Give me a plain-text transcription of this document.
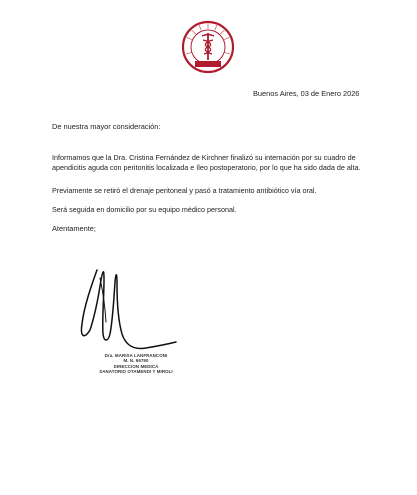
Buenos Aires, 03 de Enero 2026
De nuestra mayor consideración:

Informamos que la Dra. Cristina Fernández de Kirchner finalizó su internación por su cuadro de apendicitis aguda con peritonitis localizada e íleo postoperatorio, por lo que ha sido dada de alta.

Previamente se retiró el drenaje peritoneal y pasó a tratamiento antibiótico vía oral.

Será seguida en domicilio por su equipo médico personal.

Atentamente;
Dra. MARISA LANFRANCONI
M. N. 66790
DIRECCION MEDICA
SANATORIO OTAMENDI Y MIROLI
